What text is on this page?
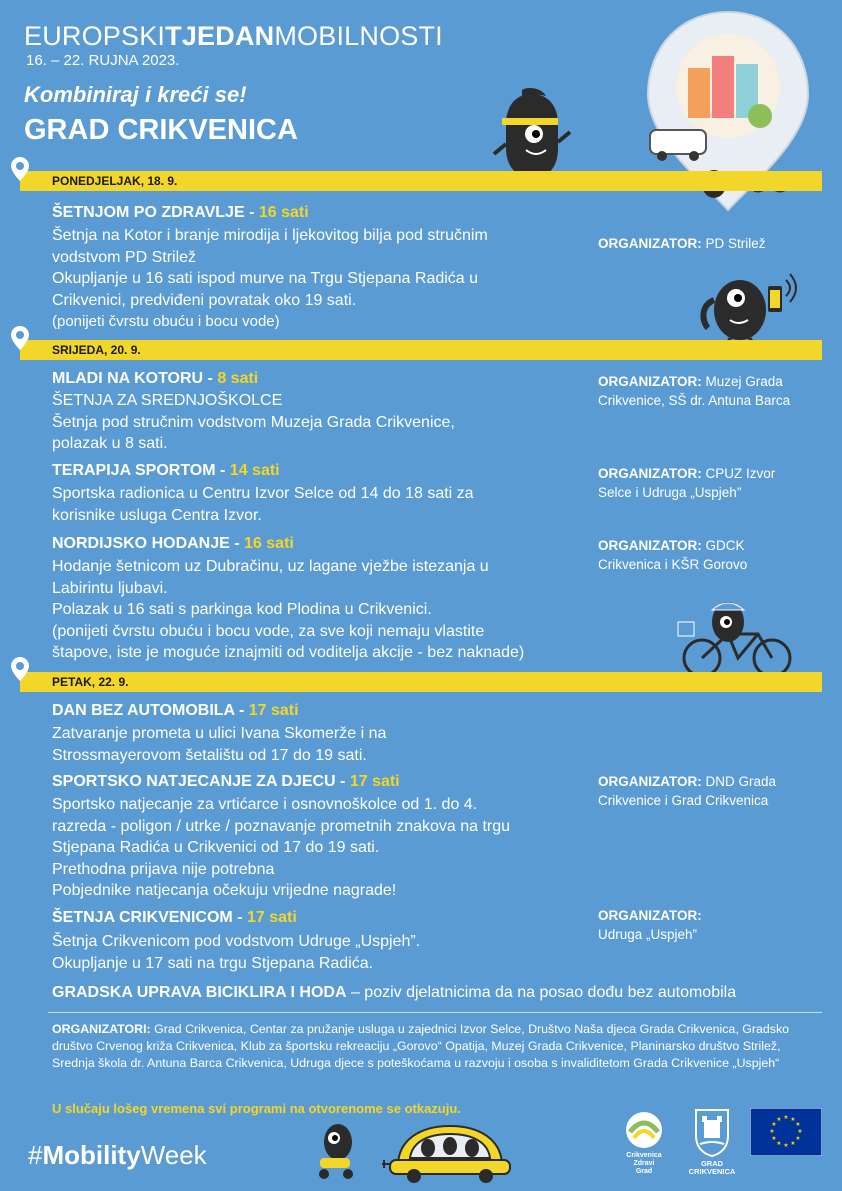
EUROPSKITJEDANMOBILNOSTI
16. – 22. RUJNA 2023.
Kombiniraj i kreći se!
GRAD CRIKVENICA
PONEDJELJAK, 18. 9.
ŠETNJOM PO ZDRAVLJE - 16 sati
Šetnja na Kotor i branje mirodija i ljekovitog bilja pod stručnim
vodstvom PD Strilež
Okupljanje u 16 sati ispod murve na Trgu Stjepana Radića u
Crikvenici, predviđeni povratak oko 19 sati.
(ponijeti čvrstu obuću i bocu vode)
ORGANIZATOR: PD Strilež
SRIJEDA, 20. 9.
MLADI NA KOTORU - 8 sati
ŠETNJA ZA SREDNJOŠKOLCE
Šetnja pod stručnim vodstvom Muzeja Grada Crikvenice,
polazak u 8 sati.
ORGANIZATOR: Muzej Grada
Crikvenice, SŠ dr. Antuna Barca
TERAPIJA SPORTOM - 14 sati
Sportska radionica u Centru Izvor Selce od 14 do 18 sati za
korisnike usluga Centra Izvor.
ORGANIZATOR: CPUZ Izvor
Selce i Udruga „Uspjeh”
NORDIJSKO HODANJE - 16 sati
Hodanje šetnicom uz Dubračinu, uz lagane vježbe istezanja u
Labirintu ljubavi.
Polazak u 16 sati s parkinga kod Plodina u Crikvenici.
(ponijeti čvrstu obuću i bocu vode, za sve koji nemaju vlastite
štapove, iste je moguće iznajmiti od voditelja akcije - bez naknade)
ORGANIZATOR: GDCK
Crikvenica i KŠR Gorovo
PETAK, 22. 9.
DAN BEZ AUTOMOBILA - 17 sati
Zatvaranje prometa u ulici Ivana Skomerže i na
Strossmayerovom šetalištu od 17 do 19 sati.
SPORTSKO NATJECANJE ZA DJECU - 17 sati
Sportsko natjecanje za vrtićarce i osnovnoškolce od 1. do 4.
razreda - poligon / utrke / poznavanje prometnih znakova na trgu
Stjepana Radića u Crikvenici od 17 do 19 sati.
Prethodna prijava nije potrebna
Pobjednike natjecanja očekuju vrijedne nagrade!
ORGANIZATOR: DND Grada
Crikvenice i Grad Crikvenica
ŠETNJA CRIKVENICOM - 17 sati
Šetnja Crikvenicom pod vodstvom Udruge „Uspjeh”.
Okupljanje u 17 sati na trgu Stjepana Radića.
ORGANIZATOR:
Udruga „Uspjeh”
GRADSKA UPRAVA BICIKLIRA I HODA – poziv djelatnicima da na posao dođu bez automobila
ORGANIZATORI: Grad Crikvenica, Centar za pružanje usluga u zajednici Izvor Selce, Društvo Naša djeca Grada Crikvenica, Gradsko društvo Crvenog križa Crikvenica, Klub za športsku rekreaciju „Gorovo“ Opatija, Muzej Grada Crikvenice, Planinarsko društvo Strilež, Srednja škola dr. Antuna Barca Crikvenica, Udruga djece s poteškoćama u razvoju i osoba s invaliditetom Grada Crikvenice „Uspjeh“
U slučaju lošeg vremena svi programi na otvorenome se otkazuju.
#MobilityWeek	Crikvenica
Zdravi
Grad
GRAD
CRIKVENICA
★ ★
★
★
★
★
★
★
★
★
★
★
